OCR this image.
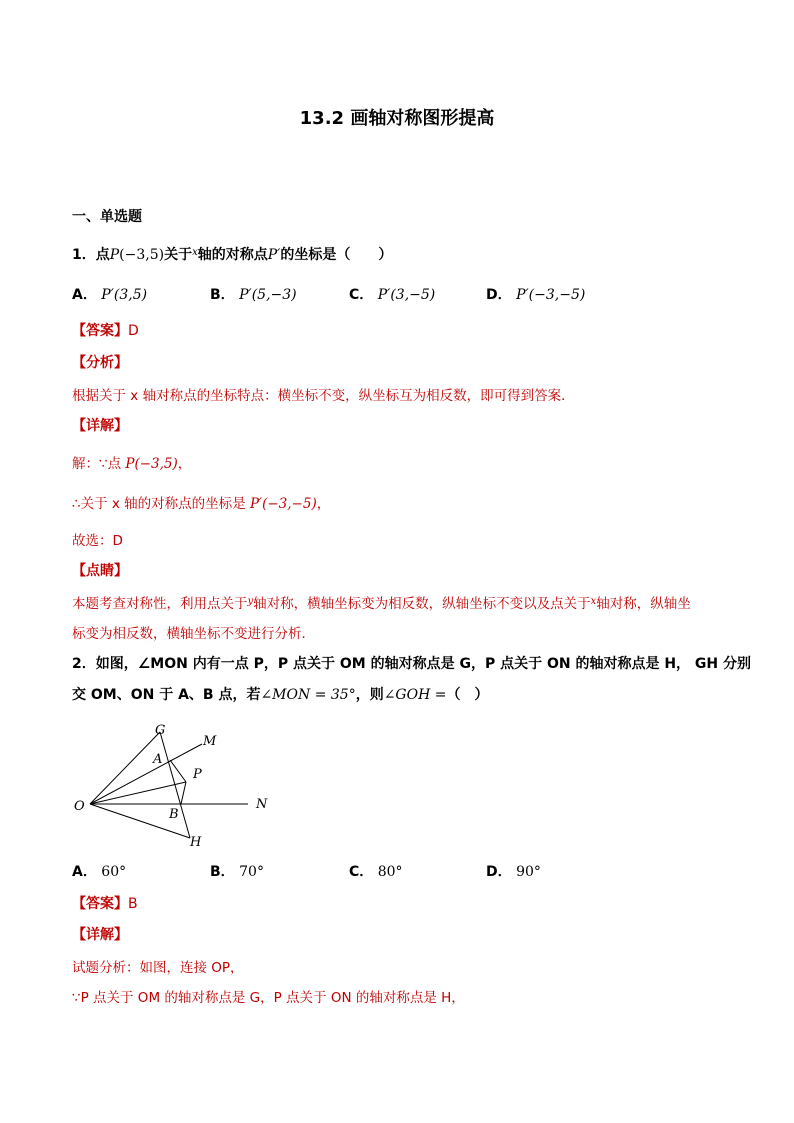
13.2 画轴对称图形提高
一、单选题
1．点P(−3,5)关于$^x$轴的对称点P′的坐标是（　　）
A． P′(3,5)	B． P′(5,−3)	C． P′(3,−5)	D． P′(−3,−5)
【答案】D
【分析】
根据关于 x 轴对称点的坐标特点：横坐标不变，纵坐标互为相反数，即可得到答案．
【详解】
解：∵点 P(−3,5)，
∴关于 x 轴的对称点的坐标是 P′(−3,−5)，
故选：D
【点睛】
本题考查对称性，利用点关于$^y$轴对称，横轴坐标变为相反数，纵轴坐标不变以及点关于$^x$轴对称，纵轴坐
标变为相反数，横轴坐标不变进行分析．
2．如图，∠MON 内有一点 P，P 点关于 OM 的轴对称点是 G，P 点关于 ON 的轴对称点是 H， GH 分别
交 OM、ON 于 A、B 点，若∠MON = 35°，则∠GOH =（　）
G
M
A
P
O	N
B
H
A． 60°	B． 70°	C． 80°	D． 90°
【答案】B
【详解】
试题分析：如图，连接 OP，
∵P 点关于 OM 的轴对称点是 G，P 点关于 ON 的轴对称点是 H，
